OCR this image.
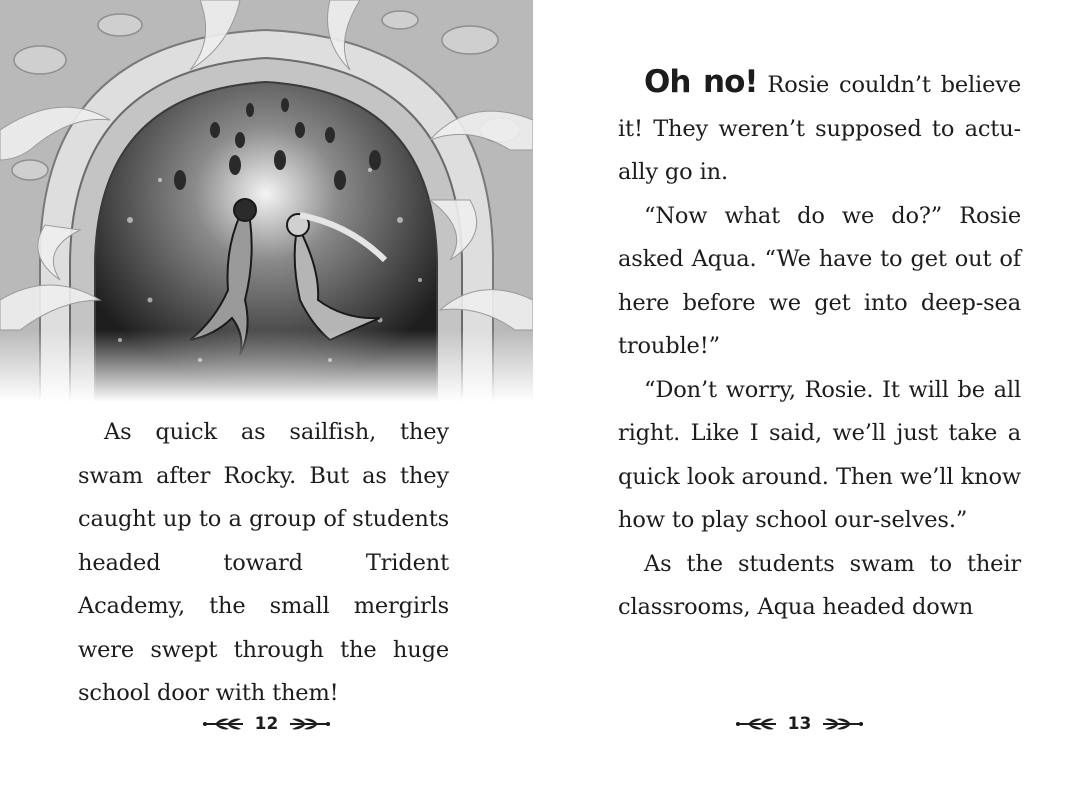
As quick as sailfish, they swam after Rocky. But as they caught up to a group of students headed toward Trident Academy, the small mergirls were swept through the huge school door with them!

12

Oh no! Rosie couldn’t believe it! They weren’t supposed to actu-ally go in.

“Now what do we do?” Rosie asked Aqua. “We have to get out of here before we get into deep-sea trouble!”

“Don’t worry, Rosie. It will be all right. Like I said, we’ll just take a quick look around. Then we’ll know how to play school our-selves.”

As the students swam to their classrooms, Aqua headed down

13
